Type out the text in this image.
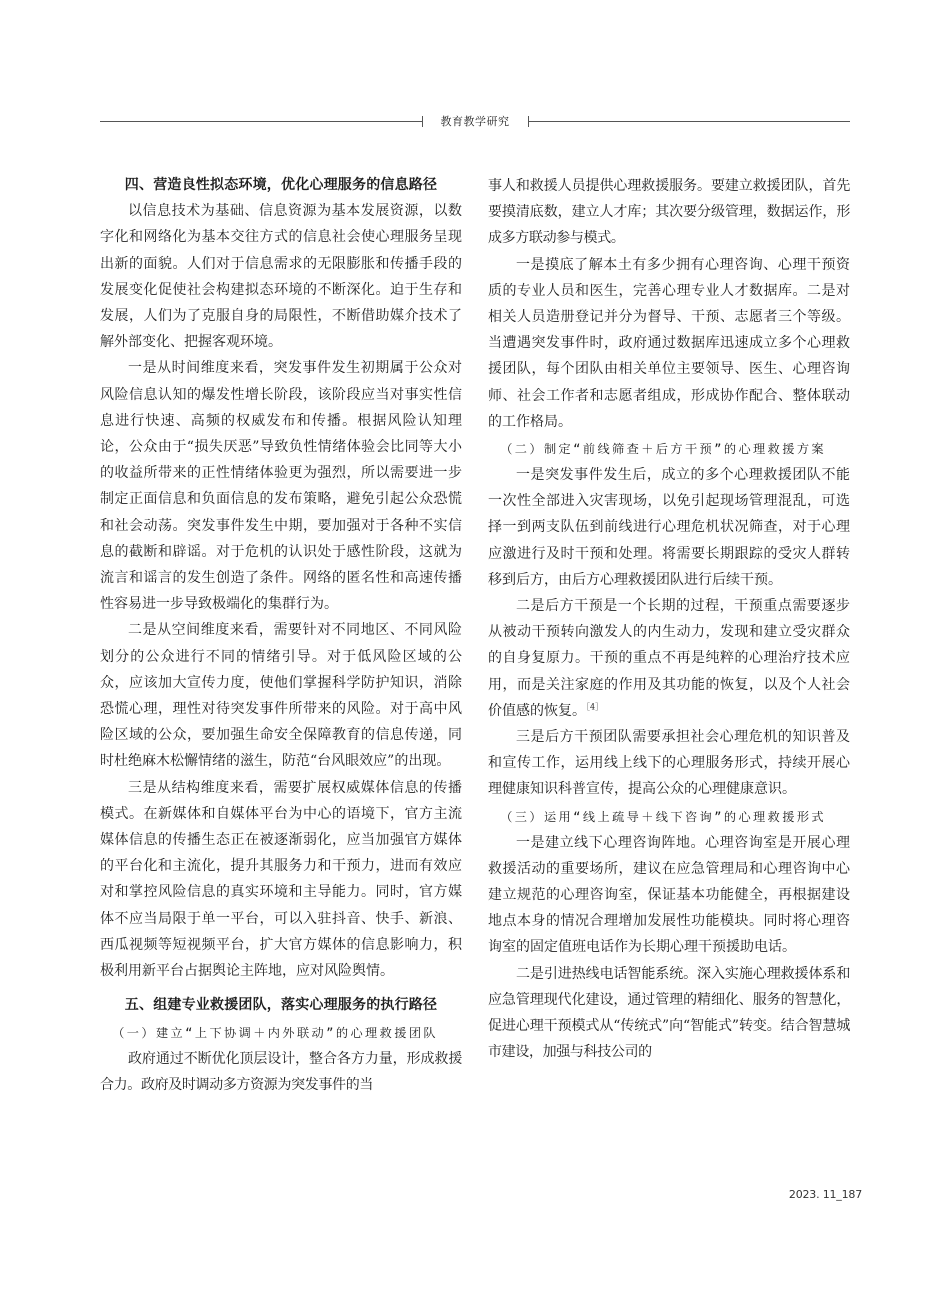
教育教学研究
四、营造良性拟态环境，优化心理服务的信息路径

以信息技术为基础、信息资源为基本发展资源，以数字化和网络化为基本交往方式的信息社会使心理服务呈现出新的面貌。人们对于信息需求的无限膨胀和传播手段的发展变化促使社会构建拟态环境的不断深化。迫于生存和发展，人们为了克服自身的局限性，不断借助媒介技术了解外部变化、把握客观环境。

一是从时间维度来看，突发事件发生初期属于公众对风险信息认知的爆发性增长阶段，该阶段应当对事实性信息进行快速、高频的权威发布和传播。根据风险认知理论，公众由于“损失厌恶”导致负性情绪体验会比同等大小的收益所带来的正性情绪体验更为强烈，所以需要进一步制定正面信息和负面信息的发布策略，避免引起公众恐慌和社会动荡。突发事件发生中期，要加强对于各种不实信息的截断和辟谣。对于危机的认识处于感性阶段，这就为流言和谣言的发生创造了条件。网络的匿名性和高速传播性容易进一步导致极端化的集群行为。

二是从空间维度来看，需要针对不同地区、不同风险划分的公众进行不同的情绪引导。对于低风险区域的公众，应该加大宣传力度，使他们掌握科学防护知识，消除恐慌心理，理性对待突发事件所带来的风险。对于高中风险区域的公众，要加强生命安全保障教育的信息传递，同时杜绝麻木松懈情绪的滋生，防范“台风眼效应”的出现。

三是从结构维度来看，需要扩展权威媒体信息的传播模式。在新媒体和自媒体平台为中心的语境下，官方主流媒体信息的传播生态正在被逐渐弱化，应当加强官方媒体的平台化和主流化，提升其服务力和干预力，进而有效应对和掌控风险信息的真实环境和主导能力。同时，官方媒体不应当局限于单一平台，可以入驻抖音、快手、新浪、西瓜视频等短视频平台，扩大官方媒体的信息影响力，积极利用新平台占据舆论主阵地，应对风险舆情。

五、组建专业救援团队，落实心理服务的执行路径
（一）建立“上下协调＋内外联动”的心理救援团队

政府通过不断优化顶层设计，整合各方力量，形成救援合力。政府及时调动多方资源为突发事件的当

事人和救援人员提供心理救援服务。要建立救援团队，首先要摸清底数，建立人才库；其次要分级管理，数据运作，形成多方联动参与模式。

一是摸底了解本土有多少拥有心理咨询、心理干预资质的专业人员和医生，完善心理专业人才数据库。二是对相关人员造册登记并分为督导、干预、志愿者三个等级。当遭遇突发事件时，政府通过数据库迅速成立多个心理救援团队，每个团队由相关单位主要领导、医生、心理咨询师、社会工作者和志愿者组成，形成协作配合、整体联动的工作格局。

（二）制定“前线筛查＋后方干预”的心理救援方案

一是突发事件发生后，成立的多个心理救援团队不能一次性全部进入灾害现场，以免引起现场管理混乱，可选择一到两支队伍到前线进行心理危机状况筛查，对于心理应激进行及时干预和处理。将需要长期跟踪的受灾人群转移到后方，由后方心理救援团队进行后续干预。

二是后方干预是一个长期的过程，干预重点需要逐步从被动干预转向激发人的内生动力，发现和建立受灾群众的自身复原力。干预的重点不再是纯粹的心理治疗技术应用，而是关注家庭的作用及其功能的恢复，以及个人社会价值感的恢复。$^{[4]}$

三是后方干预团队需要承担社会心理危机的知识普及和宣传工作，运用线上线下的心理服务形式，持续开展心理健康知识科普宣传，提高公众的心理健康意识。

（三）运用“线上疏导＋线下咨询”的心理救援形式

一是建立线下心理咨询阵地。心理咨询室是开展心理救援活动的重要场所，建议在应急管理局和心理咨询中心建立规范的心理咨询室，保证基本功能健全，再根据建设地点本身的情况合理增加发展性功能模块。同时将心理咨询室的固定值班电话作为长期心理干预援助电话。

二是引进热线电话智能系统。深入实施心理救援体系和应急管理现代化建设，通过管理的精细化、服务的智慧化，促进心理干预模式从“传统式”向“智能式”转变。结合智慧城市建设，加强与科技公司的

2023. 11_187
